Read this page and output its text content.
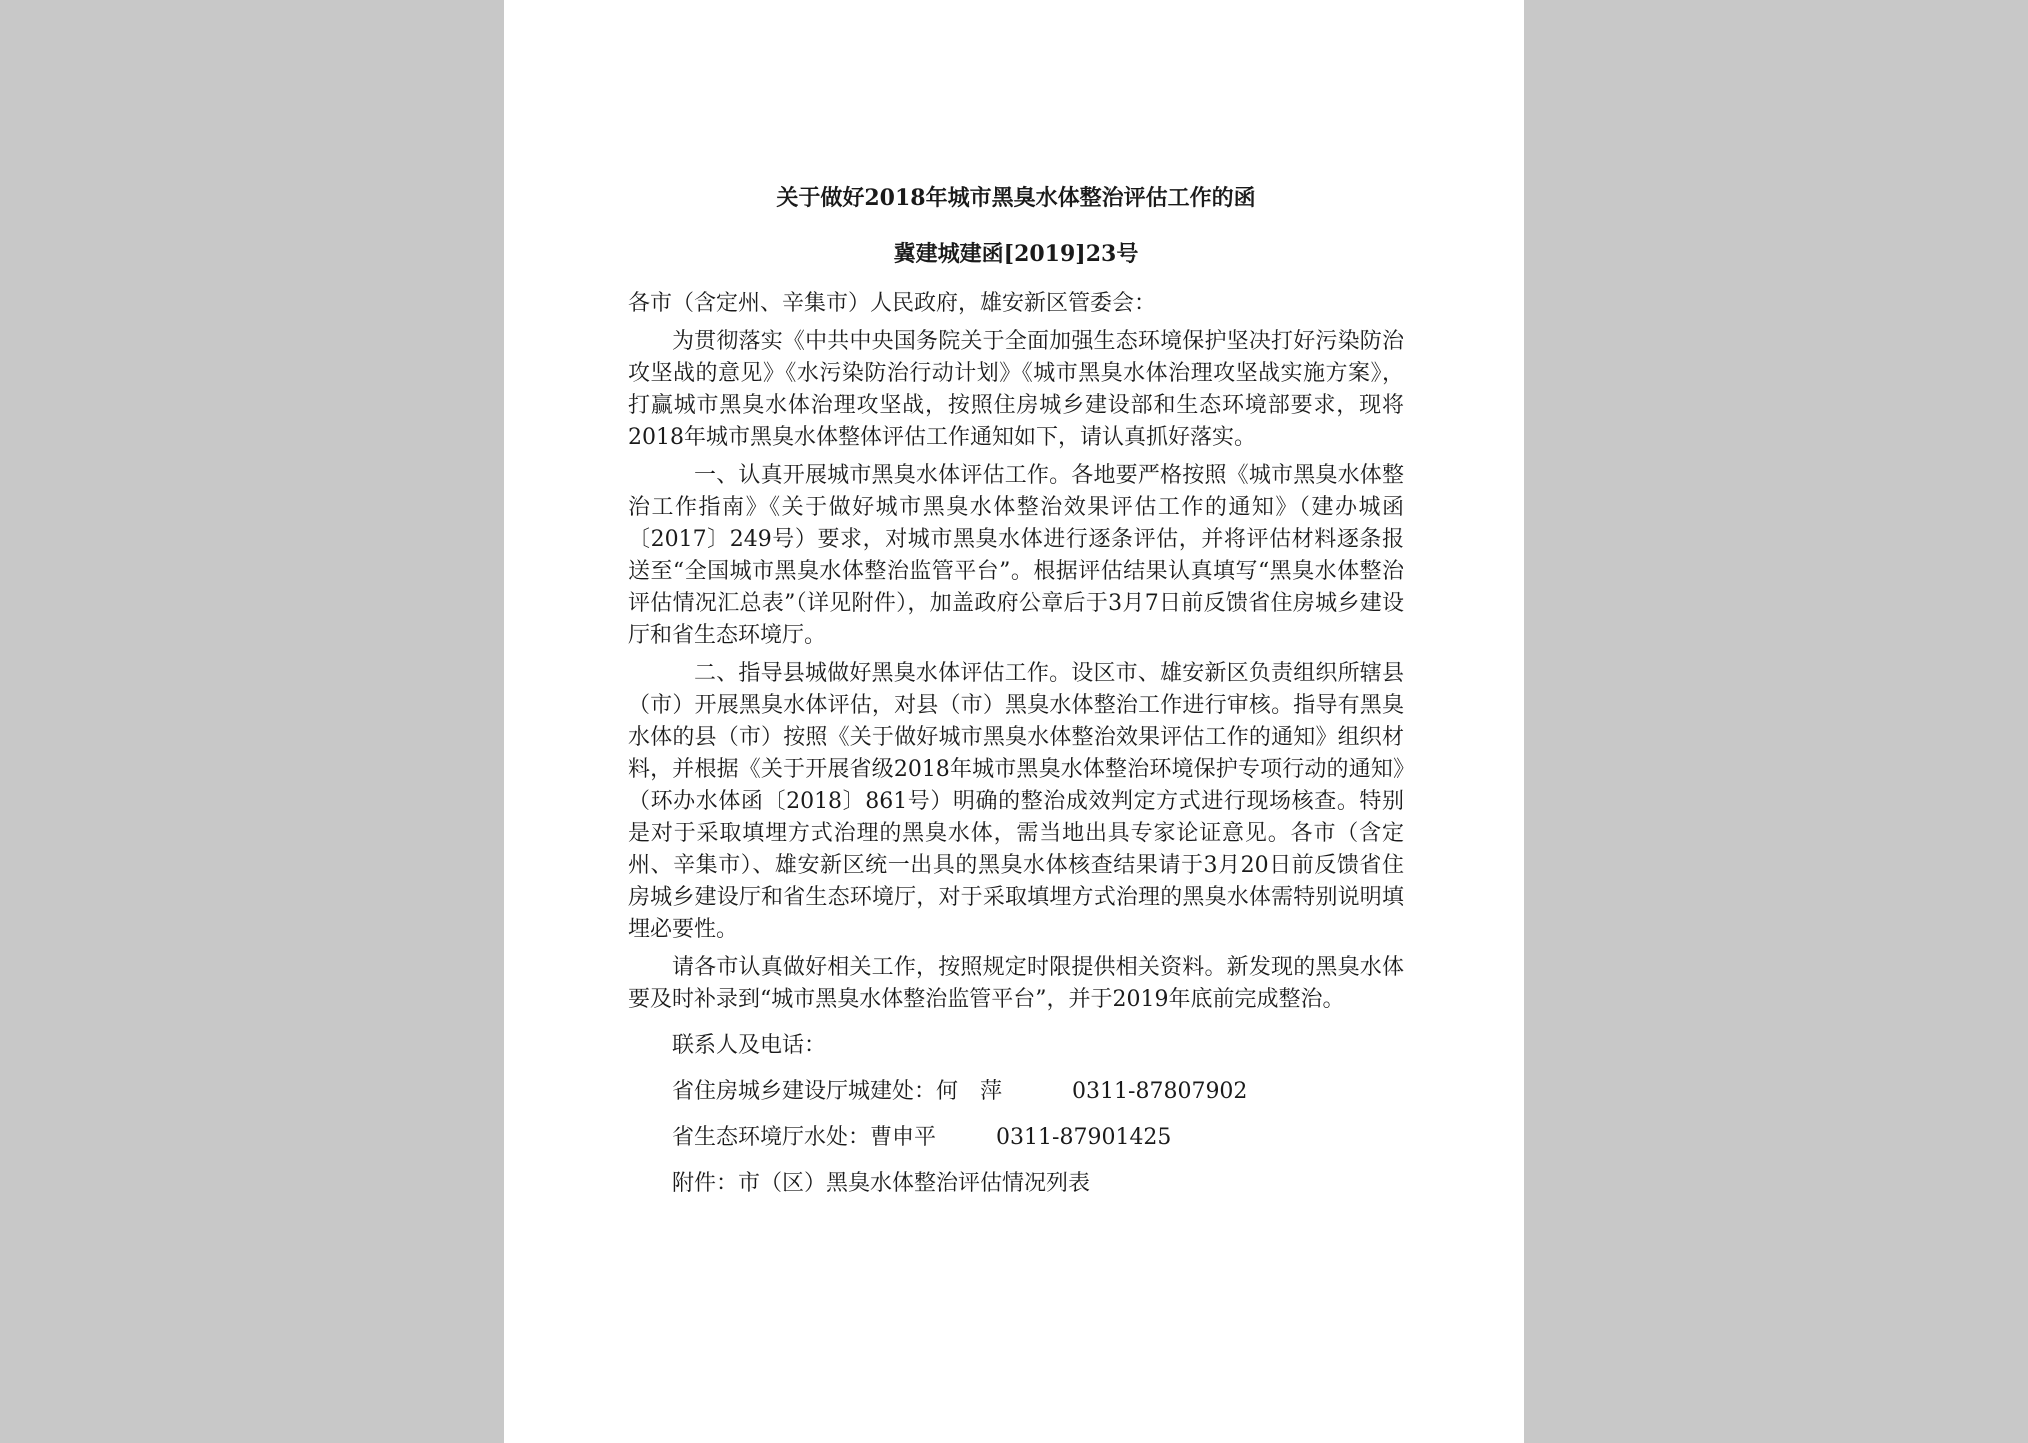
关于做好2018年城市黑臭水体整治评估工作的函
冀建城建函[2019]23号
各市（含定州、辛集市）人民政府，雄安新区管委会：
为贯彻落实《中共中央国务院关于全面加强生态环境保护坚决打好污染防治攻坚战的意见》《水污染防治行动计划》《城市黑臭水体治理攻坚战实施方案》，打赢城市黑臭水体治理攻坚战，按照住房城乡建设部和生态环境部要求，现将2018年城市黑臭水体整体评估工作通知如下，请认真抓好落实。
一、认真开展城市黑臭水体评估工作。各地要严格按照《城市黑臭水体整治工作指南》《关于做好城市黑臭水体整治效果评估工作的通知》（建办城函〔2017〕249号）要求，对城市黑臭水体进行逐条评估，并将评估材料逐条报送至“全国城市黑臭水体整治监管平台”。根据评估结果认真填写“黑臭水体整治评估情况汇总表”（详见附件），加盖政府公章后于3月7日前反馈省住房城乡建设厅和省生态环境厅。
二、指导县城做好黑臭水体评估工作。设区市、雄安新区负责组织所辖县（市）开展黑臭水体评估，对县（市）黑臭水体整治工作进行审核。指导有黑臭水体的县（市）按照《关于做好城市黑臭水体整治效果评估工作的通知》组织材料，并根据《关于开展省级2018年城市黑臭水体整治环境保护专项行动的通知》（环办水体函〔2018〕861号）明确的整治成效判定方式进行现场核查。特别是对于采取填埋方式治理的黑臭水体，需当地出具专家论证意见。各市（含定州、辛集市）、雄安新区统一出具的黑臭水体核查结果请于3月20日前反馈省住房城乡建设厅和省生态环境厅，对于采取填埋方式治理的黑臭水体需特别说明填埋必要性。
请各市认真做好相关工作，按照规定时限提供相关资料。新发现的黑臭水体要及时补录到“城市黑臭水体整治监管平台”，并于2019年底前完成整治。
联系人及电话：
省住房城乡建设厅城建处：何　萍	0311-87807902
省生态环境厅水处：曹申平	0311-87901425
附件：市（区）黑臭水体整治评估情况列表
